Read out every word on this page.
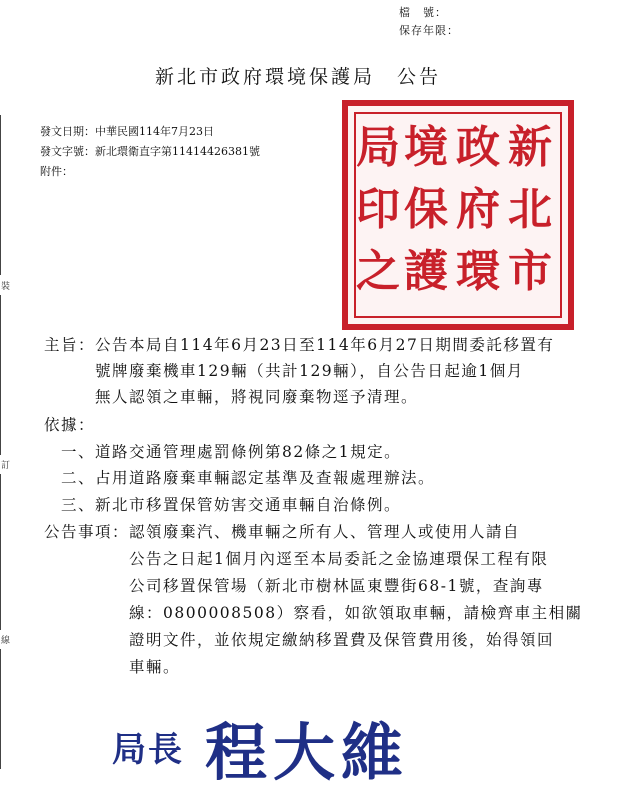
檔　號：
保存年限：
新北市政府環境保護局　公告
裝
訂
線
發文日期：中華民國114年7月23日
發文字號：新北環衛直字第11414426381號
附件：	新
北
市
政
府
環
境
保
護
局
印
之
主旨：公告本局自114年6月23日至114年6月27日期間委託移置有
　　　號牌廢棄機車129輛（共計129輛），自公告日起逾1個月
　　　無人認領之車輛，將視同廢棄物逕予清理。
依據：
一、道路交通管理處罰條例第82條之1規定。
二、占用道路廢棄車輛認定基準及查報處理辦法。
三、新北市移置保管妨害交通車輛自治條例。
公告事項：認領廢棄汽、機車輛之所有人、管理人或使用人請自
　　　　　公告之日起1個月內逕至本局委託之金協連環保工程有限
　　　　　公司移置保管場（新北市樹林區東豐街68-1號，查詢專
　　　　　線：0800008508）察看，如欲領取車輛，請檢齊車主相關
　　　　　證明文件，並依規定繳納移置費及保管費用後，始得領回
　　　　　車輛。
局長 程大維
